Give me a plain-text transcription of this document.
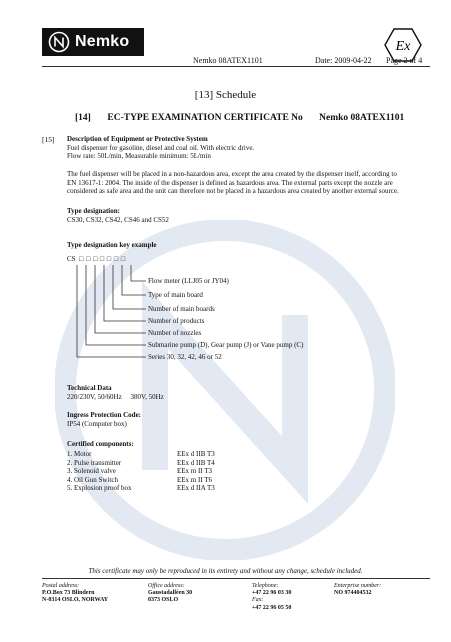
Nemko	Ex
Nemko 08ATEX1101	Date: 2009-04-22 Page 2 of 4
[13] Schedule
[14] EC-TYPE EXAMINATION CERTIFICATE No Nemko 08ATEX1101
[15] Description of Equipment or Protective System
Fuel dispenser for gasoline, diesel and coal oil. With electric drive.
Flow rate: 50L/min, Measurable minimum: 5L/min
The fuel dispenser will be placed in a non-hazardous area, except the area created by the dispenser itself, according to
EN 13617-1: 2004. The inside of the dispenser is defined as hazardous area. The external parts except the nozzle are
considered as safe area and the unit can therefore not be placed in a hazardous area created by another external source.
Type designation:
CS30, CS32, CS42, CS46 and CS52
Type designation key example
CS □ □ □ □ □ □ □
Flow meter (LLJ05 or JY04)
Type of main board
Number of main boards
Number of products
Number of nozzles
Submarine pump (D), Gear pump (J) or Vane pump (C)
Series 30, 32, 42, 46 or 52
Technical Data
220/230V, 50/60Hz     380V, 50Hz
Ingress Protection Code:
IP54 (Computer box)
Certified components:
1. Motor
2. Pulse transmitter
3. Solenoid valve
4. Oil Gun Switch
5. Explosion proof box
EEx d IIB T3
EEx d IIB T4
EEx m II T3
EEx m II T6
EEx d IIA T3
This certificate may only be reproduced in its entirety and without any change, schedule included.
Postal address:
P.O.Box 73 Blindern
N-0314 OSLO, NORWAY
Office address:
Gaustadalléen 30
0373 OSLO
Telephone:
+47 22 96 03 30
Fax:
+47 22 96 05 50
Enterprise number:
NO 974404532
